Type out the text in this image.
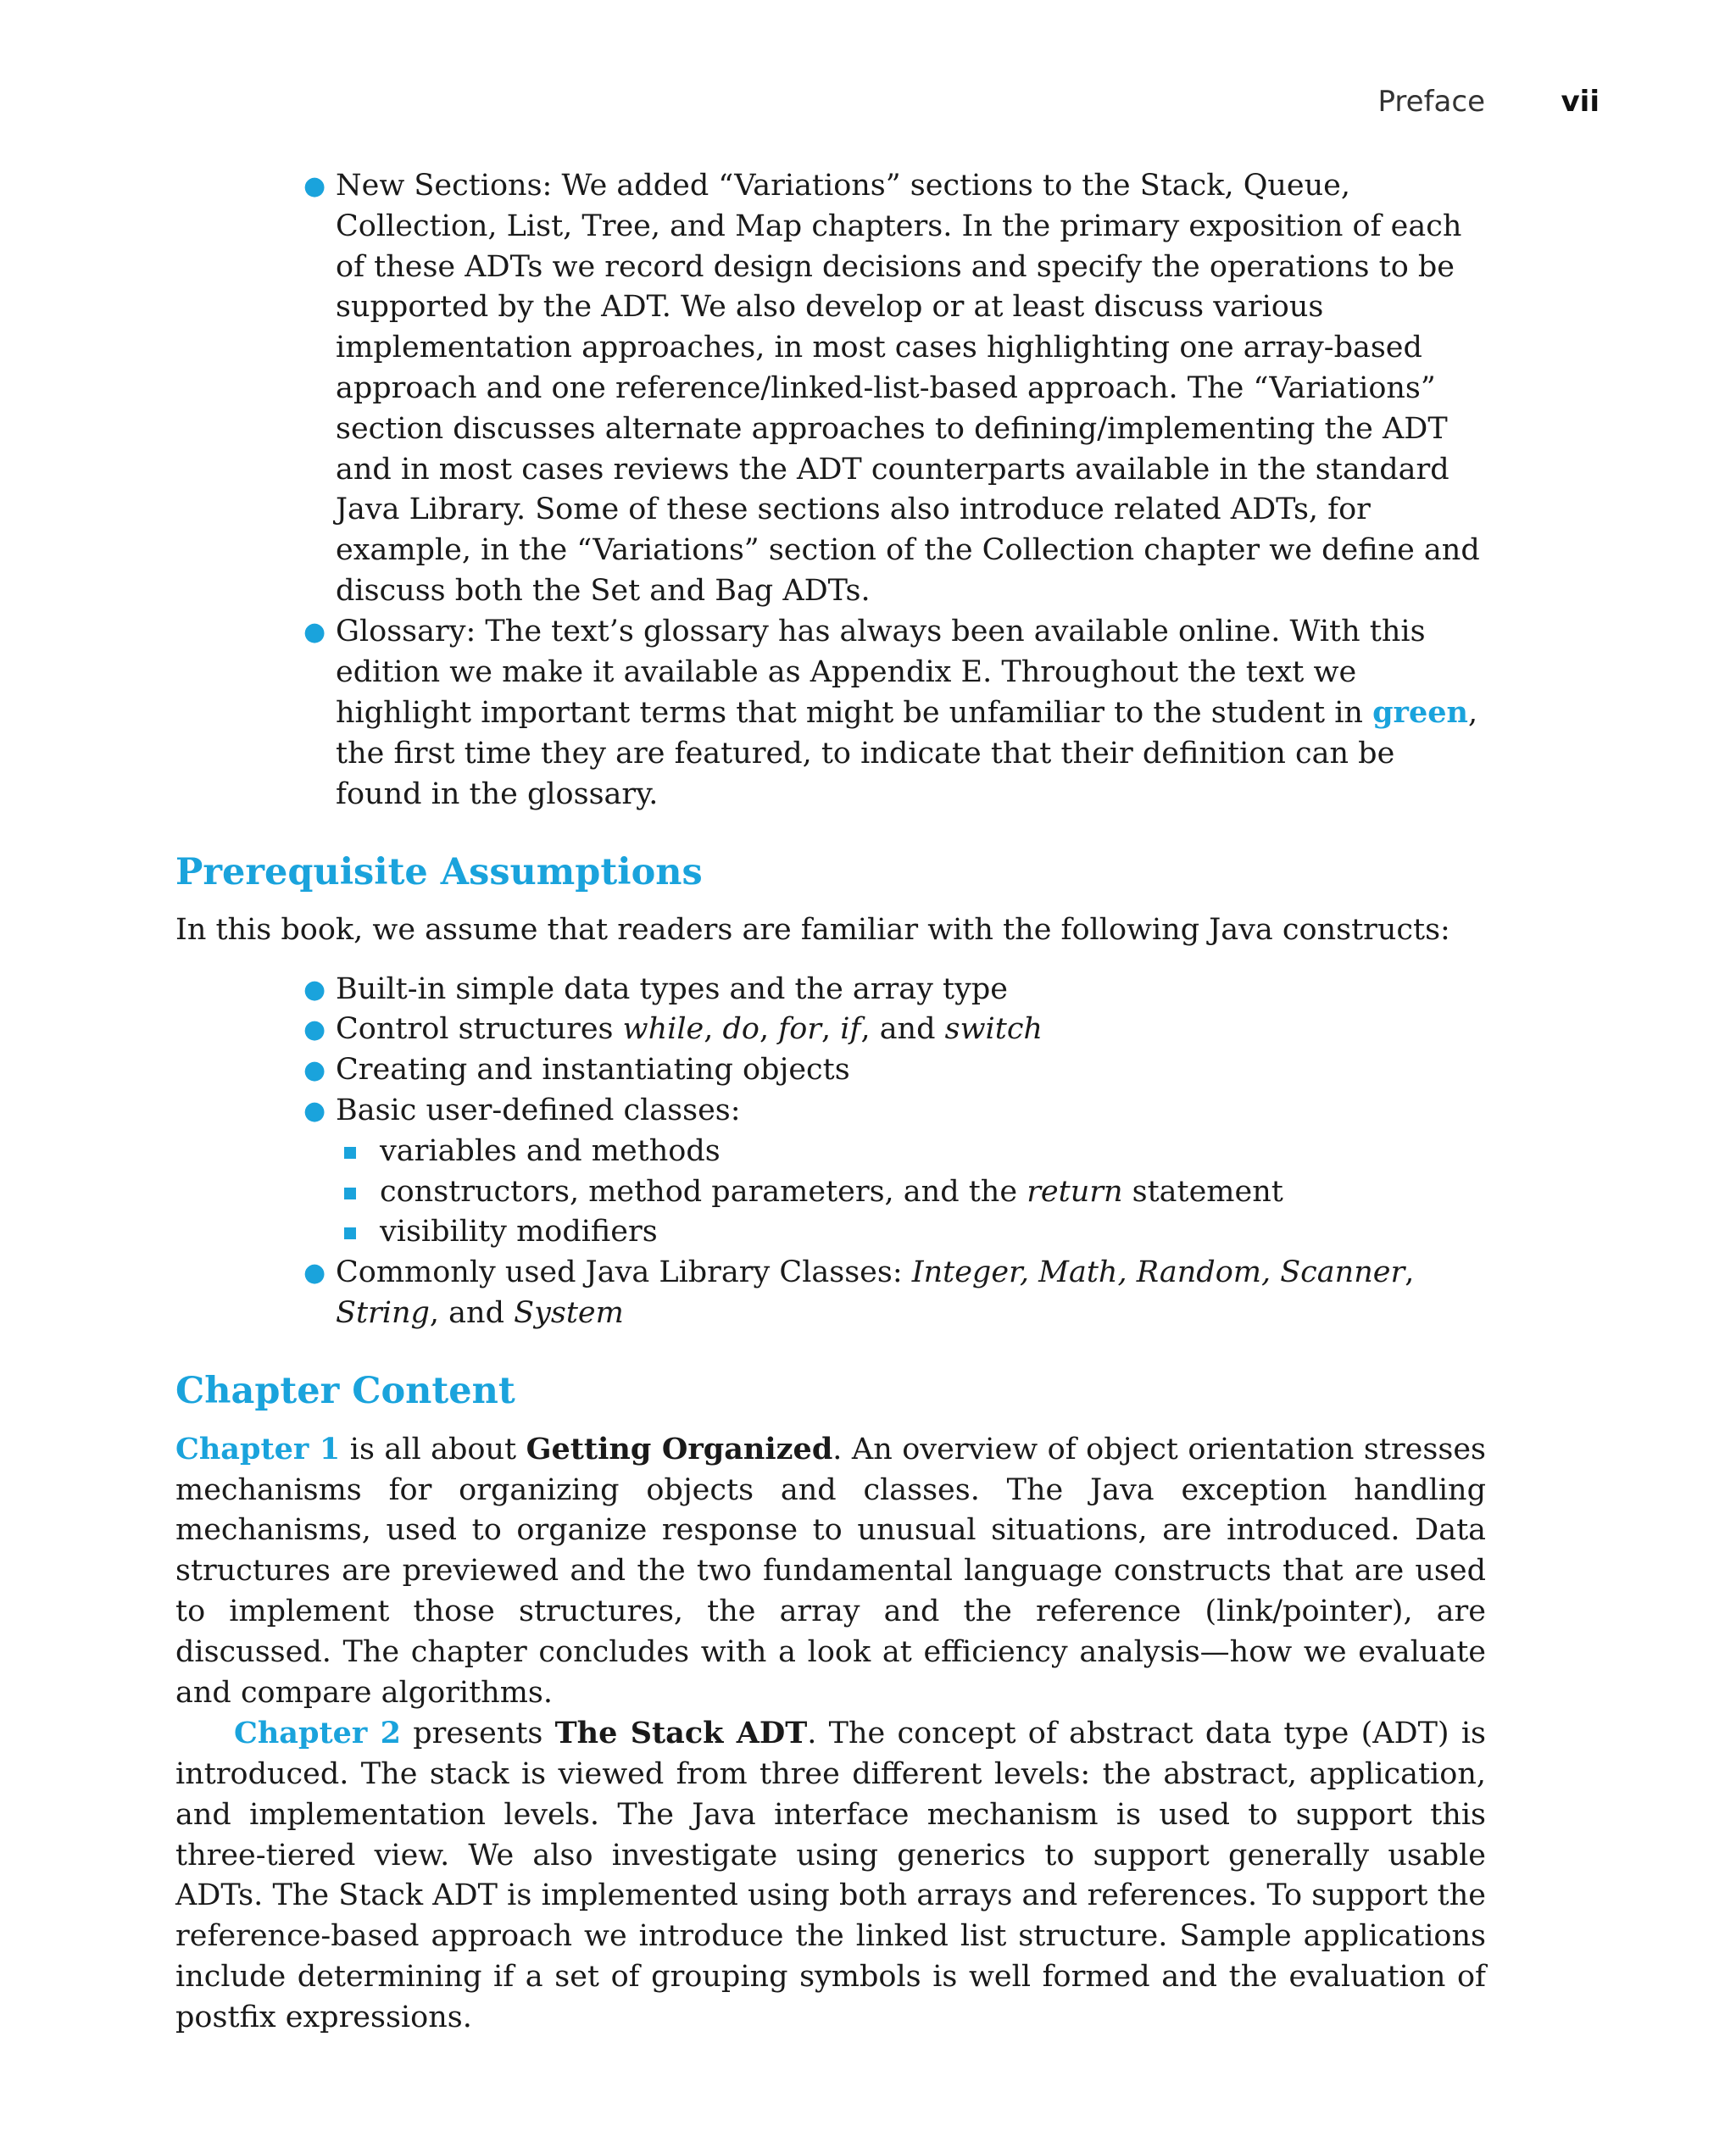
Preface	vii
● New Sections: We added “Variations” sections to the Stack, Queue, Collection, List, Tree, and Map chapters. In the primary exposition of each of these ADTs we record design decisions and specify the operations to be supported by the ADT. We also develop or at least discuss various implementation approaches, in most cases highlighting one array-based approach and one reference/linked-list-based approach. The “Variations” section discusses alternate approaches to defining/implementing the ADT and in most cases reviews the ADT counterparts available in the standard Java Library. Some of these sections also introduce related ADTs, for example, in the “Variations” section of the Collection chapter we define and discuss both the Set and Bag ADTs.
● Glossary: The text’s glossary has always been available online. With this edition we make it available as Appendix E. Throughout the text we highlight important terms that might be unfamiliar to the student in green, the first time they are featured, to indicate that their definition can be found in the glossary.
Prerequisite Assumptions

In this book, we assume that readers are familiar with the following Java constructs:

● Built-in simple data types and the array type
● Control structures while, do, for, if, and switch
● Creating and instantiating objects
● Basic user-defined classes:
variables and methods
constructors, method parameters, and the return statement
visibility modifiers
● Commonly used Java Library Classes: Integer, Math, Random, Scanner, String, and System
Chapter Content

Chapter 1 is all about Getting Organized. An overview of object orientation stresses mechanisms for organizing objects and classes. The Java exception handling mechanisms, used to organize response to unusual situations, are introduced. Data structures are previewed and the two fundamental language constructs that are used to implement those structures, the array and the reference (link/pointer), are discussed. The chapter concludes with a look at efficiency analysis—how we evaluate and compare algorithms.

Chapter 2 presents The Stack ADT. The concept of abstract data type (ADT) is introduced. The stack is viewed from three different levels: the abstract, application, and implementation levels. The Java interface mechanism is used to support this three-tiered view. We also investigate using generics to support generally usable ADTs. The Stack ADT is implemented using both arrays and references. To support the reference-based approach we introduce the linked list structure. Sample applications include determining if a set of grouping symbols is well formed and the evaluation of postfix expressions.
